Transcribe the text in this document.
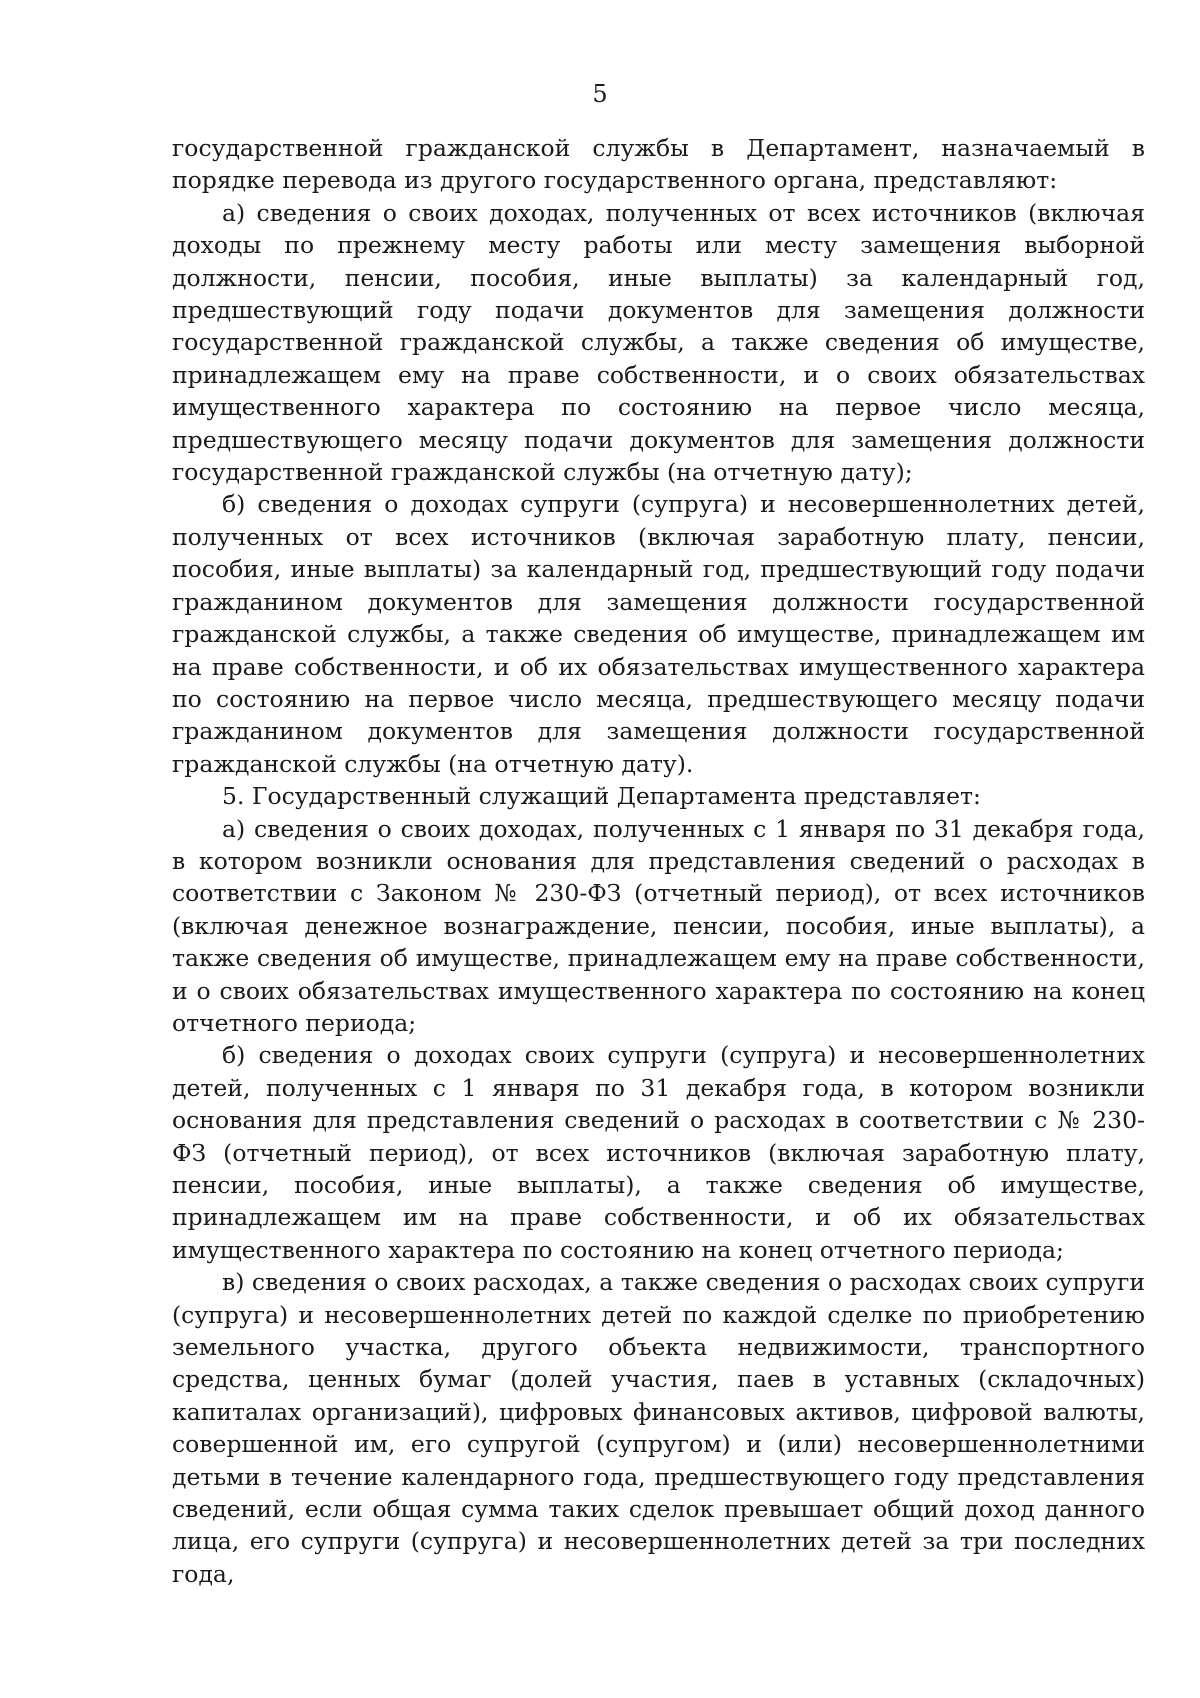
5

государственной гражданской службы в Департамент, назначаемый в порядке перевода из другого государственного органа, представляют:

а) сведения о своих доходах, полученных от всех источников (включая доходы по прежнему месту работы или месту замещения выборной должности, пенсии, пособия, иные выплаты) за календарный год, предшествующий году подачи документов для замещения должности государственной гражданской службы, а также сведения об имуществе, принадлежащем ему на праве собственности, и о своих обязательствах имущественного характера по состоянию на первое число месяца, предшествующего месяцу подачи документов для замещения должности государственной гражданской службы (на отчетную дату);

б) сведения о доходах супруги (супруга) и несовершеннолетних детей, полученных от всех источников (включая заработную плату, пенсии, пособия, иные выплаты) за календарный год, предшествующий году подачи гражданином документов для замещения должности государственной гражданской службы, а также сведения об имуществе, принадлежащем им на праве собственности, и об их обязательствах имущественного характера по состоянию на первое число месяца, предшествующего месяцу подачи гражданином документов для замещения должности государственной гражданской службы (на отчетную дату).

5. Государственный служащий Департамента представляет:

а) сведения о своих доходах, полученных с 1 января по 31 декабря года, в котором возникли основания для представления сведений о расходах в соответствии с Законом № 230-ФЗ (отчетный период), от всех источников (включая денежное вознаграждение, пенсии, пособия, иные выплаты), а также сведения об имуществе, принадлежащем ему на праве собственности, и о своих обязательствах имущественного характера по состоянию на конец отчетного периода;

б) сведения о доходах своих супруги (супруга) и несовершеннолетних детей, полученных с 1 января по 31 декабря года, в котором возникли основания для представления сведений о расходах в соответствии с № 230-ФЗ (отчетный период), от всех источников (включая заработную плату, пенсии, пособия, иные выплаты), а также сведения об имуществе, принадлежащем им на праве собственности, и об их обязательствах имущественного характера по состоянию на конец отчетного периода;

в) сведения о своих расходах, а также сведения о расходах своих супруги (супруга) и несовершеннолетних детей по каждой сделке по приобретению земельного участка, другого объекта недвижимости, транспортного средства, ценных бумаг (долей участия, паев в уставных (складочных) капиталах организаций), цифровых финансовых активов, цифровой валюты, совершенной им, его супругой (супругом) и (или) несовершеннолетними детьми в течение календарного года, предшествующего году представления сведений, если общая сумма таких сделок превышает общий доход данного лица, его супруги (супруга) и несовершеннолетних детей за три последних года,
